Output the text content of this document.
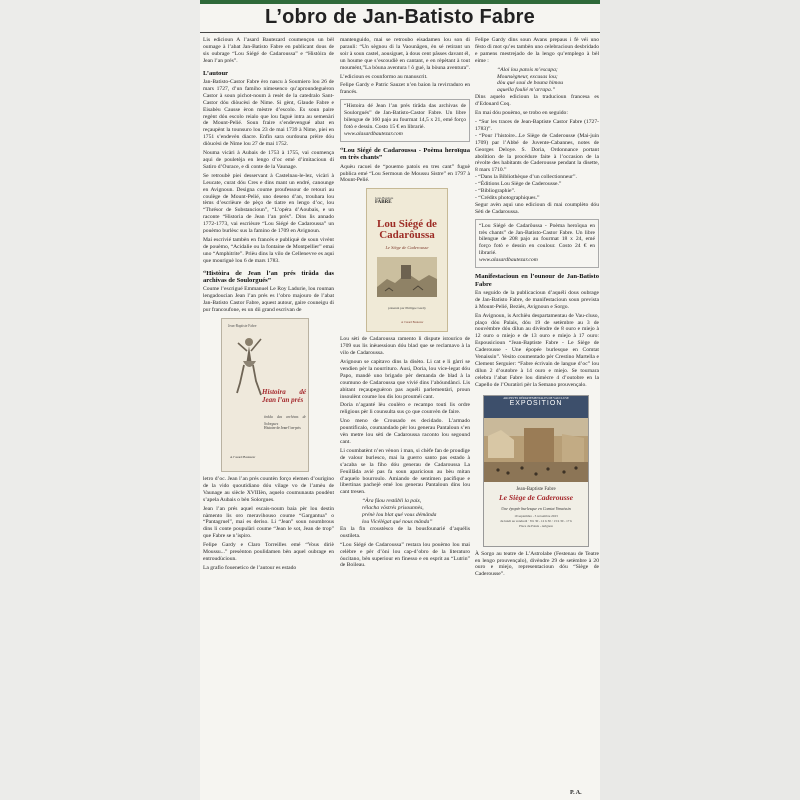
L’obro de Jan-Batisto Fabre

Lis edicioun A l’asard Bautezard coumençon un bèl oumage à l’abat Jan-Batisto Fabre en publicant dous de sis oubrage “Lou Siégé de Cadaroussa” e “Històira de Jean l’an prés”.

L’autour

Jan-Batisto-Castor Fabre èro nascu à Soumiero lou 26 de mars 1727, d’un famiho nimesenco qu’aproundeguèron Castor à soun pichot-noum à resèt de la catedralo Sant-Castor dóu diòucèsi de Nime. Si gènt, Glaude Fabre e Eisabèu Causse èron mèstre d’escolo. Es soun paire regènt dóu escolo reialo que lou faguè intra au semenàri de Mount-Pelié. Soun fraire s’endevengué abat en reçaupènt la tounsuro lou 23 de mai 1739 à Nime, piei en 1751 s’endevèn diacre. Enfin sara ourdouna prèire dóu diòucèsi de Nime lou 27 de mai 1752.

Nouma vicàri à Aubais de 1753 à 1755, vai coumença aqui de pouletèja en lengo d’oc emé d’imitacioun di Satiro d’Ourace, e di conte de la Vaunage.

Se retroubè piei desservant à Castelnau-le-lez, vicàri à Leucate, curat dóu Cres e dins mant un endré, canounge en Avignoun. Designa coume proufessour de retouri au coulège de Mount-Pelié, uno deseno d’an, troubara lou tèms d’escrièure de pèço de tiatre en lengo d’oc, lou “Thrésor de Substancioun”, “L’opéra d’Aoubais, e un raconte “Historia de Jean l’an prés”. Dins lis annado 1772-1773, vai escrièure “Lou Siégé de Cadaroussa” un pouèmo burlèsc sus la famino de 1709 en Avignoun.

Mai escrivié tambèn en francés e publiquè de soun vivènt de pouèmo, “Acidalie ou la fontaine de Montpellier” emai uno “Amphitrite”. Prièu dins la vilo de Cellenevve es aqui que mouriguè lou 6 de mars 1783.

“Històira de Jean l’an prés tirâda das archivas de Soulorgués”

Coume l’escrigué Emmanuel Le Roy Ladurie, lou rouman lengadoucian Jean l’an prés es l’obro majouro de l’abat Jan-Batisto Castor Fabre, aquest autour, gaire couneigu di pur francoufone, es un dii grand escrivan de

Jean-Baptiste Fabre
Histoira dé Jean l’an prés
tirâda das archivas de Solorgues
Histoire de Jean-l’on-pris
A l’asard Bautezar

letro d’oc. Jean l’an prés countèn forço elemen d’ourigino de la vido quoutidiano dóu vilage vo de l’amèu de Vaunage au siècle XVIIIèn, aquelo coumunauta poudènt s’apela Aubais o bèn Solorgues.

Jean l’an prés aquel escais-noum baia pèr lou destin nàmento lis oro meravihouso coume “Gargantua” o “Pantagruel”, mai es deriso. Li “Jean” soun noumbrous dins li conte poupulàri coume “Jean le sot, Jean de trop” que Fabre se n’ispiro.

Felipe Gardy e Claro Torreilles emé “Vous diriè Moussu...” presènton poulidamen bèn aquel oubrage en entroudùcioun.

La grafio fouenetico de l’autour es estado

mantenguido, mai se retroubo eisadamen lou son di parauli: “Un sègnou di la Vaounâgen, èn sé retirant un soir à soun castel, aousiguet, à dous cent pâsses davant él, un houme que s’escoudiè en cantant, e en rèpètant à tout moumént,”La bòuna aventura ! ô gué, la bòuna aventura”.

L’edicioun es counformo au manuscrit.

Felipe Gardy e Patric Sauzet n’en baion la revirraduro en francés.

“Histoira dé Jean l’an prés tirâda das archivas de Soulorgués” de Jan-Batisto-Castor Fabre. Un libre bilengue de 160 pajo au fourmat 14,5 x 21, emé forço fotò e dessin. Costo 15 € en librarié.
www.alasardbautezar.com
“Lou Siégé de Cadaroussa - Poèma heroïqua en très chants”

Aquèu racuei de “pouemo patois en tres cant” fuguè publica emé “Lou Sermoun de Moussu Sistre” en 1797 à Mount-Pelié.

Jean-Baptiste
FABRE
Lou Siégé de Cadarôussa
Le Siège de Caderousse
présenté par Philippe Gardy
A l’asard Bautezar

Lou sèti de Cadaroussa ramento li dispute istourico de 1709 sus lis inèuessioun dóu blad que se reclamavo à la vilo de Cadaroussa.

Avignoun se capitavo dins la disèto. Li cat e li gàrri se vendien pèr la nourrituro. Ausi, Doria, lou vice-legat dóu Papo, mandè uno brigado pèr demanda de blad à la coumuno de Cadaroussa que vivié dins l’abóundànci. Lis abitant reçaupeguèron pas aquéli parlementàri, proun insoulènt coume lou dis lou prouméi cant.

Doria n’aganté lèu coulèro e recampo touti lis ordre religious pèr li counsulta sus ço que counvèn de faire.

Uno meno de Crousado es decidado. L’armado pountificalo, coumandado pèr lou generau Pantaloun s’en vèn metre lou sèti de Cadaroussa raconto lou segound cant.

Li coumbatènt n’en vènon i man, si chèfe fan de proudige de valour burlesco, mai la guerro santo pas estado à s’acaba se la fiho dóu generau de Cadaroussa La Feuillâda avié pas fa soun aparicioun au bèu mitan d’aquelo bourroulo. Amiando de sentimen pacifique e libertinas pachejè emé lou generau Pantaloun dins lou cant tresen.

“Àra fâou restâbli la paix,
rélacha vôstrés prisounnès,
prénè lou blat qué vous démânda
lou Vicélégat qué nous mânda”

En la fin croustèsco de la bousfounarié d’aquélis oustileta.

“Lou Siégé de Cadaroussa” restara lou pouèmo lou mai celèbre e pèr d’òni lou cap-d’obro de la literaturo óucitano, bèn superiour en finesso e en esprit au “Lutrin” de Boileau.

Felipe Gardy dins soun Avans prepaus i fè véi uno fèsto di mot qu’es tambèn uno celebracioun desbridado e pamens mestrejado de la lengo qu’emplego à bèl eime :

“Aloi lou patois m’escapa;
Mounsègneur, excusas lou;
dòu qué soui de bouna himou
aquella foulié m’arrapa.”

Dins aquelo edicioun la traducioun francesa es d’Edouard Coq.

En mai dóu pouèmo, se trobo en seguido:

- “Sur les traces de Jean-Baptiste Castor Fabre (1727-1783)”.
- “Pour l’histoire...Le Siège de Caderousse (Mai-juin 1709) par l’Abbé de Juvente-Cabannes, notes de Georges Deloye. S. Doria, Ordonnance portant abolition de la procédure faite à l’occasion de la révolte des habitants de Caderousse pendant la disette, 8 mars 1710.”
- “Dans la Bibliothèque d’un collectionneur”.
- “Éditions Lou Siège de Caderousse.”
- “Bibliographie”.
- “Crédits photographiques.”

Segur avèn aqui uno edicioun di mai coumplèto dóu Sèti de Cadaroussa.

“Lou Siégé de Cadarôussa - Poèma heroïqua en très chants” de Jan-Batisto-Castor Fabre. Un libre bilengue de 208 pajo au fourmat 18 x 24, emé forço fotò e dessin en coulour. Costo 24 € en librarié.
www.alasardbautezar.com
Manifestacioun en l’ounour de Jan-Batisto Fabre

En seguido de la publicacioun d’aquéli dous oubrage de Jan-Batisto Fabre, de manifestacioun soun prevista à Mount-Pelié, Beziés, Avignoun e Sorgo.

En Avignoun, is Archièu despartamentau de Vau-cluso, plaço dóu Palais, dóu 19 de setèmbre au 3 de nouvèmbre dóu dilun au divèndre de 8 ouro e miejo à 12 ouro o miejo e de 13 ouro e miejo à 17 ouro: Espousicioun “Jean-Baptiste Fabre - Le Siège de Caderousse - Une épopée burlesque en Comtat Venaissin”. Vesito coumentado pèr Crestino Martella e Clement Serguier: “Fabre écrivain de langue d’oc” lou dilun 2 d’outobre à 14 ouro e miejo. Se tournara celebra l’abat Fabre lou dimècre 4 d’outobre en la Capello de l’Ouratòri pèr la Semano prouvençalo.

ARCHIVES DÉPARTEMENTALES DE VAUCLUSE
EXPOSITION
Jean-Baptiste Fabre
Le Siège de Caderousse
Une épopée burlesque en Comtat Venaissin
19 septembre - 3 novembre 2023
du lundi au vendredi · 8 h 30 - 12 h 30 / 13 h 30 - 17 h
Place du Palais - Avignon

À Sorgo au teatre de L’Astrolabe (Festenau de Teatre en lengo prouvençalo), divèndre 29 de setèmbre à 20 ouro e miejo, representacioun dóu “Siège de Caderousse”.

P. A.
